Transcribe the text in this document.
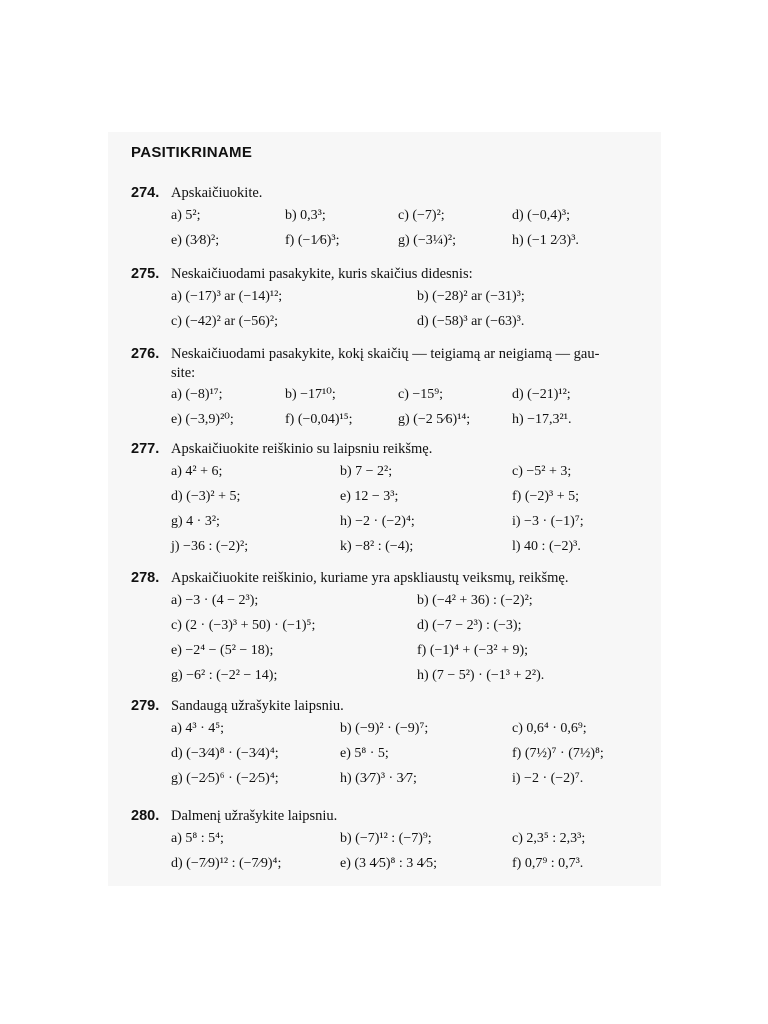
PASITIKRINAME
274. Apskaičiuokite.
a) 5²;	b) 0,3³;	c) (−7)²;	d) (−0,4)³;
e) (3⁄8)²;	f) (−1⁄6)³;	g) (−3¼)²;	h) (−1 2⁄3)³.
275. Neskaičiuodami pasakykite, kuris skaičius didesnis:
a) (−17)³ ar (−14)¹²;	b) (−28)² ar (−31)³;
c) (−42)² ar (−56)²;	d) (−58)³ ar (−63)³.
276. Neskaičiuodami pasakykite, kokį skaičių — teigiamą ar neigiamą — gau-
site:
a) (−8)¹⁷;	b) −17¹⁰;	c) −15⁹;	d) (−21)¹²;
e) (−3,9)²⁰;	f) (−0,04)¹⁵;	g) (−2 5⁄6)¹⁴;	h) −17,3²¹.
277. Apskaičiuokite reiškinio su laipsniu reikšmę.
a) 4² + 6;	b) 7 − 2²;	c) −5² + 3;
d) (−3)² + 5;	e) 12 − 3³;	f) (−2)³ + 5;
g) 4 · 3²;	h) −2 · (−2)⁴;	i) −3 · (−1)⁷;
j) −36 : (−2)²;	k) −8² : (−4);	l) 40 : (−2)³.
278. Apskaičiuokite reiškinio, kuriame yra apskliaustų veiksmų, reikšmę.
a) −3 · (4 − 2³);	b) (−4² + 36) : (−2)²;
c) (2 · (−3)³ + 50) · (−1)⁵;	d) (−7 − 2³) : (−3);
e) −2⁴ − (5² − 18);	f) (−1)⁴ + (−3² + 9);
g) −6² : (−2² − 14);	h) (7 − 5²) · (−1³ + 2²).
279. Sandaugą užrašykite laipsniu.
a) 4³ · 4⁵;	b) (−9)² · (−9)⁷;	c) 0,6⁴ · 0,6⁹;
d) (−3⁄4)⁸ · (−3⁄4)⁴;	e) 5⁸ · 5;	f) (7½)⁷ · (7½)⁸;
g) (−2⁄5)⁶ · (−2⁄5)⁴;	h) (3⁄7)³ · 3⁄7;	i) −2 · (−2)⁷.
280. Dalmenį užrašykite laipsniu.
a) 5⁸ : 5⁴;	b) (−7)¹² : (−7)⁹;	c) 2,3⁵ : 2,3³;
d) (−7⁄9)¹² : (−7⁄9)⁴;	e) (3 4⁄5)⁸ : 3 4⁄5;	f) 0,7⁹ : 0,7³.
